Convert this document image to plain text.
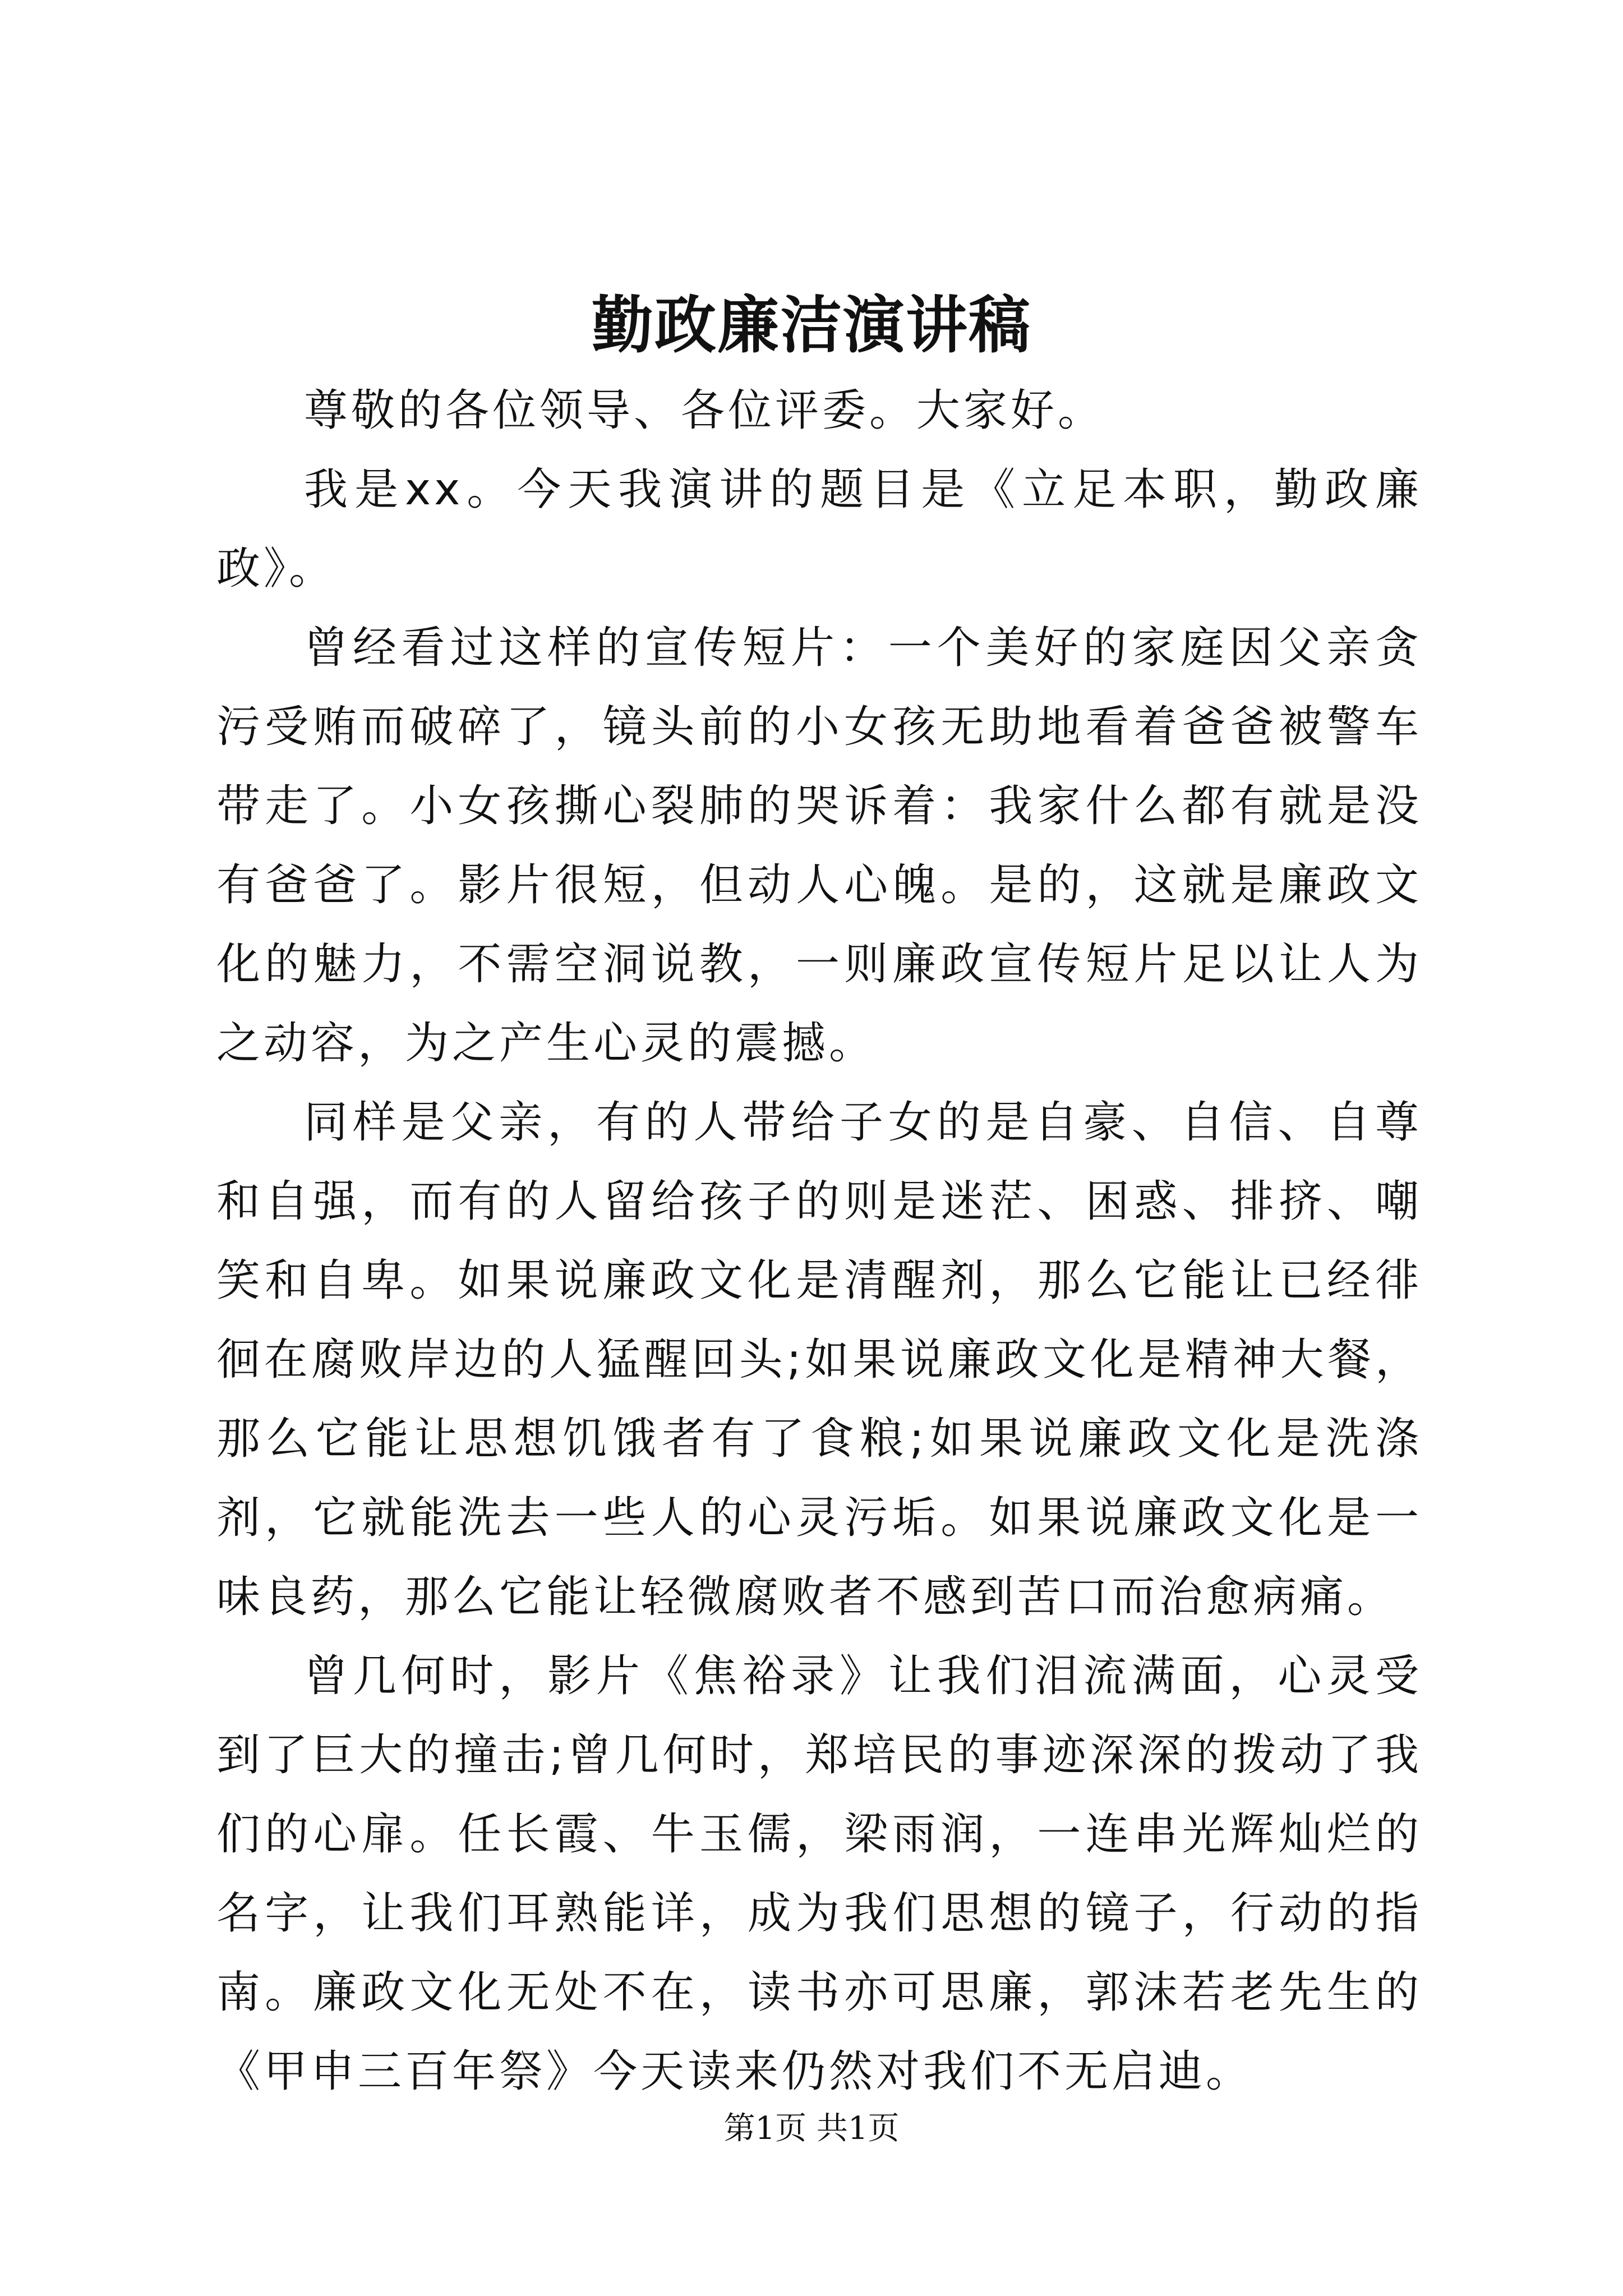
勤政廉洁演讲稿

尊敬的各位领导、各位评委。大家好。

我是xx。今天我演讲的题目是《立足本职，勤政廉政》。

曾经看过这样的宣传短片：一个美好的家庭因父亲贪污受贿而破碎了，镜头前的小女孩无助地看着爸爸被警车带走了。小女孩撕心裂肺的哭诉着：我家什么都有就是没有爸爸了。影片很短，但动人心魄。是的，这就是廉政文化的魅力，不需空洞说教，一则廉政宣传短片足以让人为之动容，为之产生心灵的震撼。

同样是父亲，有的人带给子女的是自豪、自信、自尊和自强，而有的人留给孩子的则是迷茫、困惑、排挤、嘲笑和自卑。如果说廉政文化是清醒剂，那么它能让已经徘徊在腐败岸边的人猛醒回头;如果说廉政文化是精神大餐，那么它能让思想饥饿者有了食粮;如果说廉政文化是洗涤剂，它就能洗去一些人的心灵污垢。如果说廉政文化是一味良药，那么它能让轻微腐败者不感到苦口而治愈病痛。

曾几何时，影片《焦裕录》让我们泪流满面，心灵受到了巨大的撞击;曾几何时，郑培民的事迹深深的拨动了我们的心扉。任长霞、牛玉儒，梁雨润，一连串光辉灿烂的名字，让我们耳熟能详，成为我们思想的镜子，行动的指南。廉政文化无处不在，读书亦可思廉，郭沫若老先生的《甲申三百年祭》今天读来仍然对我们不无启迪。

第1页 共1页
